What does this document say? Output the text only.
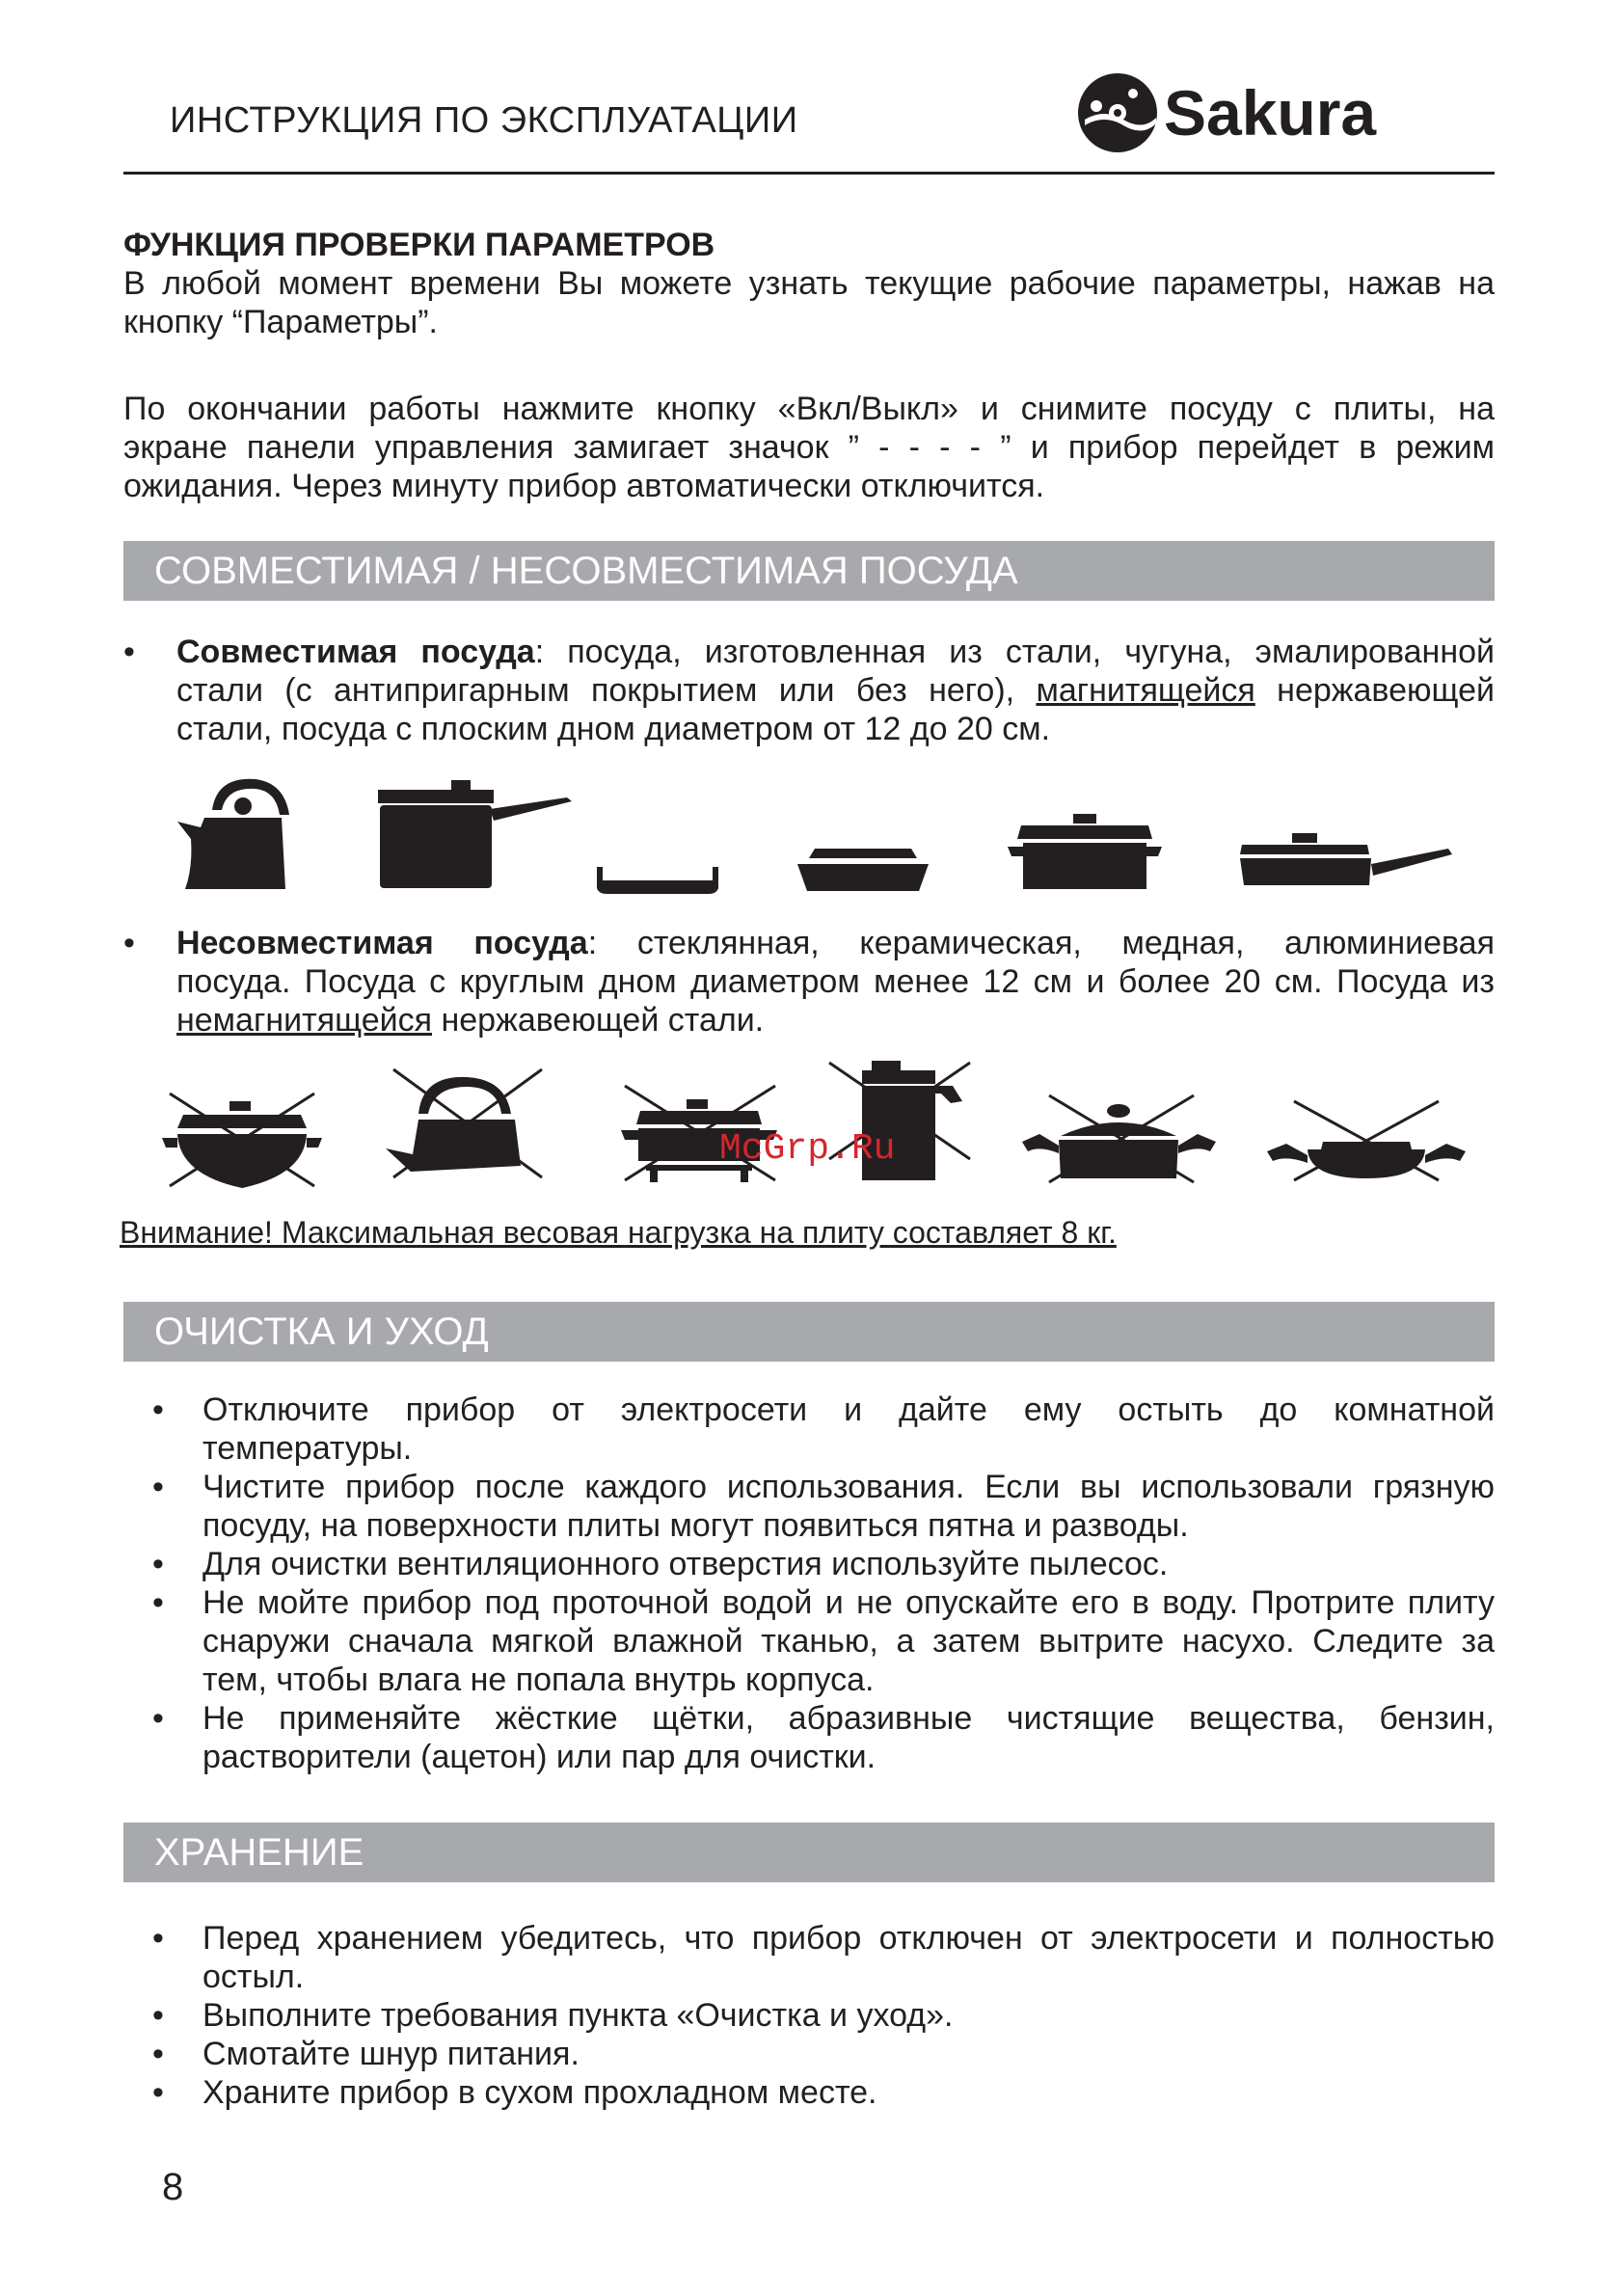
ИНСТРУКЦИЯ ПО ЭКСПЛУАТАЦИИ	Sakura
ФУНКЦИЯ ПРОВЕРКИ ПАРАМЕТРОВ
В любой момент времени Вы можете узнать текущие рабочие параметры, нажав на
кнопку “Параметры”.
По окончании работы нажмите кнопку «Вкл/Выкл» и снимите посуду с плиты, на
экране панели управления замигает значок ” - - - - ” и прибор перейдет в режим
ожидания. Через минуту прибор автоматически отключится.
СОВМЕСТИМАЯ / НЕСОВМЕСТИМАЯ ПОСУДА
• Совместимая посуда: посуда, изготовленная из стали, чугуна, эмалированной
стали (с антипригарным покрытием или без него), магнитящейся нержавеющей
стали, посуда с плоским дном диаметром от 12 до 20 см.
• Несовместимая посуда: стеклянная, керамическая, медная, алюминиевая
посуда. Посуда с круглым дном диаметром менее 12 см и более 20 см. Посуда из
немагнитящейся нержавеющей стали.
McGrp.Ru
Внимание! Максимальная весовая нагрузка на плиту составляет 8 кг.
ОЧИСТКА И УХОД
• Отключите прибор от электросети и дайте ему остыть до комнатной
температуры.
• Чистите прибор после каждого использования. Если вы использовали грязную
посуду, на поверхности плиты могут появиться пятна и разводы.
• Для очистки вентиляционного отверстия используйте пылесос.
• Не мойте прибор под проточной водой и не опускайте его в воду. Протрите плиту
снаружи сначала мягкой влажной тканью, а затем вытрите насухо. Следите за
тем, чтобы влага не попала внутрь корпуса.
• Не применяйте жёсткие щётки, абразивные чистящие вещества, бензин,
растворители (ацетон) или пар для очистки.
ХРАНЕНИЕ
• Перед хранением убедитесь, что прибор отключен от электросети и полностью
остыл.
• Выполните требования пункта «Очистка и уход».
• Смотайте шнур питания.
• Храните прибор в сухом прохладном месте.
8
